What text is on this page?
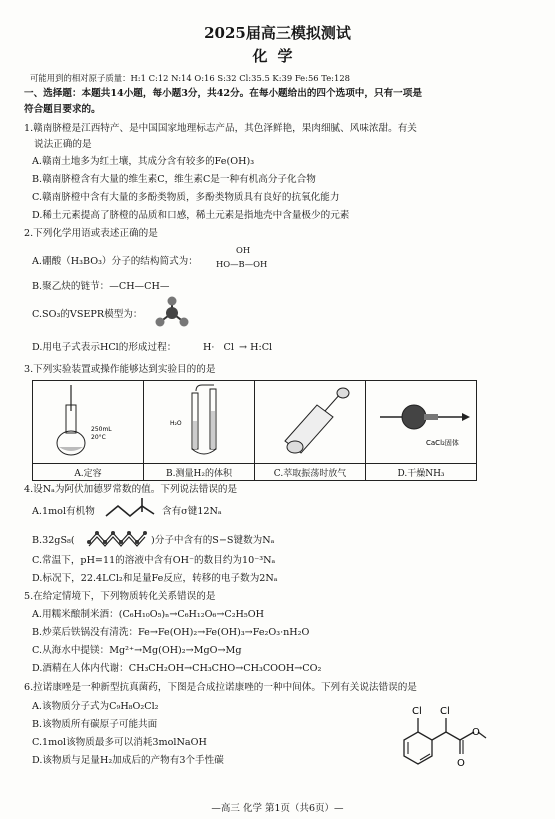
2025届高三模拟测试
化学
可能用到的相对原子质量：H:1 C:12 N:14 O:16 S:32 Cl:35.5 K:39 Fe:56 Te:128
一、选择题：本题共14小题，每小题3分，共42分。在每小题给出的四个选项中，只有一项是
符合题目要求的。
1.赣南脐橙是江西特产、是中国国家地理标志产品，其色泽鲜艳，果肉细腻、风味浓甜。有关
说法正确的是
A.赣南土地多为红土壤，其成分含有较多的Fe(OH)₃
B.赣南脐橙含有大量的维生素C，维生素C是一种有机高分子化合物
C.赣南脐橙中含有大量的多酚类物质，多酚类物质具有良好的抗氧化能力
D.稀土元素提高了脐橙的品质和口感，稀土元素是指地壳中含量极少的元素
2.下列化学用语或表述正确的是
A.硼酸（H₃BO₃）分子的结构简式为：
OH
HO—B—OH
B.聚乙炔的链节：—CH—CH—
C.SO₃的VSEPR模型为：
D.用电子式表示HCl的形成过程：	H· Cl → H:Cl
3.下列实验装置或操作能够达到实验目的的是
250mL
20°C	H₂O		CaCl₂固体

A.定容	B.测量H₂的体积	C.萃取振荡时放气	D.干燥NH₃
4.设Nₐ为阿伏加德罗常数的值。下列说法错误的是
A.1mol有机物	含有σ键12Nₐ
B.32gS₈(	)分子中含有的S−S键数为Nₐ
C.常温下，pH=11的溶液中含有OH⁻的数目约为10⁻³Nₐ
D.标况下，22.4LCl₂和足量Fe反应，转移的电子数为2Nₐ
5.在给定情境下，下列物质转化关系错误的是
A.用糯米酿制米酒：(C₆H₁₀O₅)ₙ→C₆H₁₂O₆→C₂H₅OH
B.炒菜后铁锅没有清洗：Fe→Fe(OH)₂→Fe(OH)₃→Fe₂O₃·nH₂O
C.从海水中提镁：Mg²⁺→Mg(OH)₂→MgO→Mg
D.酒精在人体内代谢：CH₃CH₂OH→CH₃CHO→CH₃COOH→CO₂
6.拉诺康唑是一种新型抗真菌药，下图是合成拉诺康唑的一种中间体。下列有关说法错误的是
A.该物质分子式为C₉H₈O₂Cl₂
B.该物质所有碳原子可能共面
C.1mol该物质最多可以消耗3molNaOH
D.该物质与足量H₂加成后的产物有3个手性碳
Cl Cl
O
O
—高三 化学 第1页（共6页）—
